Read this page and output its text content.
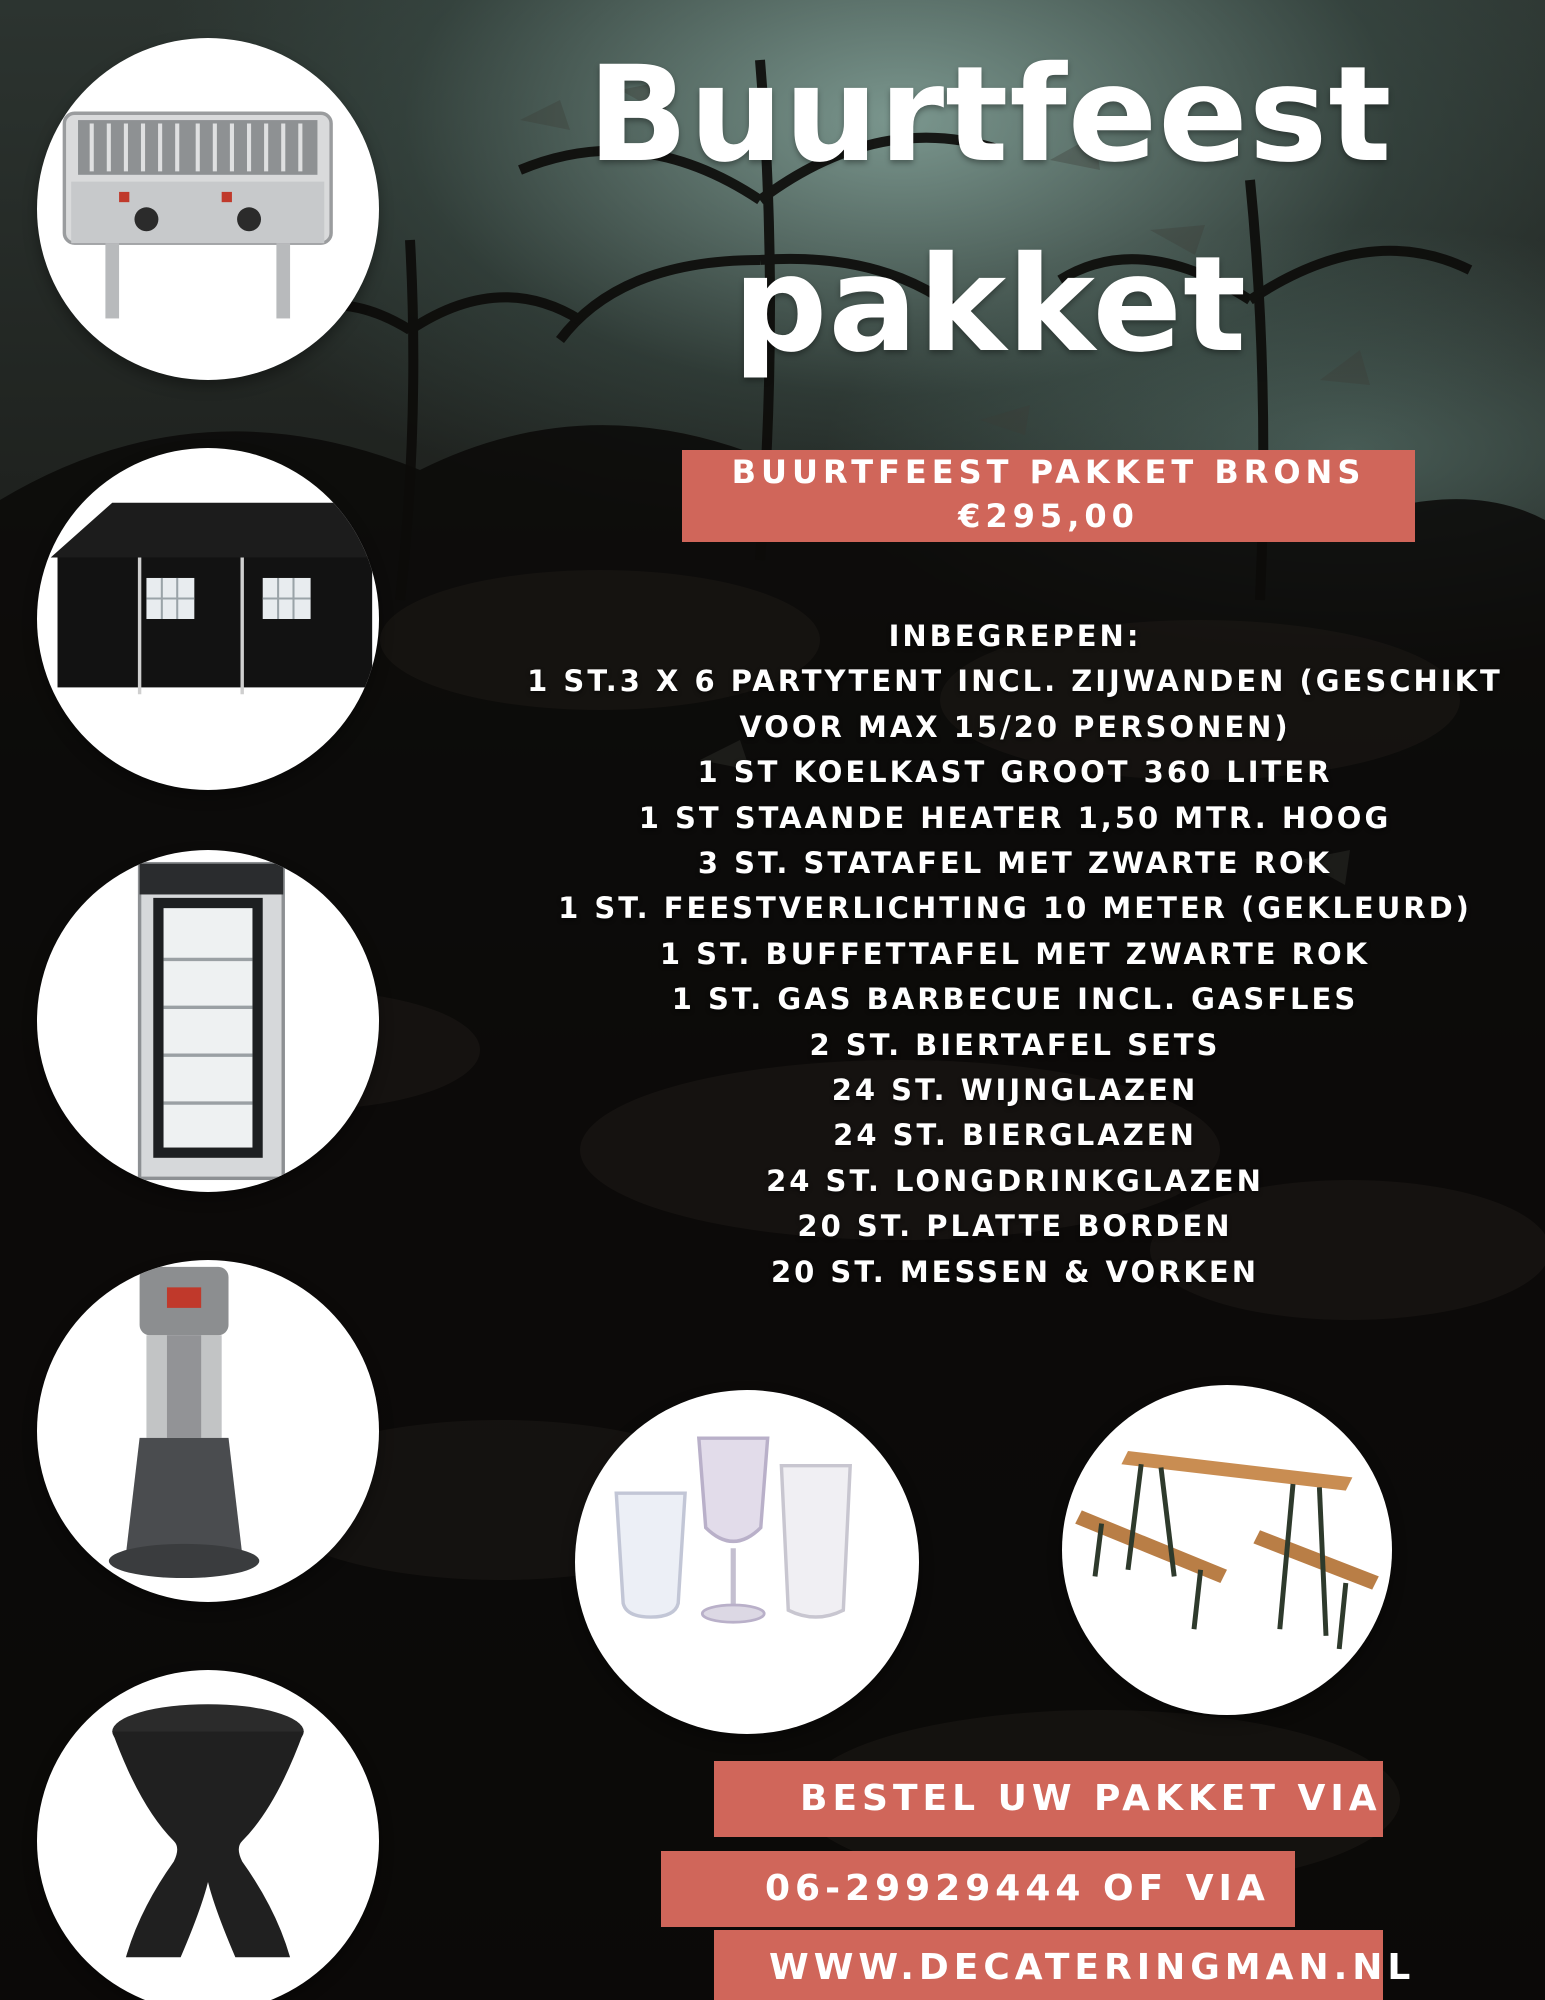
Buurtfeest
pakket
BUURTFEEST PAKKET BRONS
€295,00
INBEGREPEN:
1 ST.3 X 6 PARTYTENT INCL. ZIJWANDEN (GESCHIKT
VOOR MAX 15/20 PERSONEN)
1 ST KOELKAST GROOT 360 LITER
1 ST STAANDE HEATER 1,50 MTR. HOOG
3 ST. STATAFEL MET ZWARTE ROK
1 ST. FEESTVERLICHTING 10 METER (GEKLEURD)
1 ST. BUFFETTAFEL MET ZWARTE ROK
1 ST. GAS BARBECUE INCL. GASFLES
2 ST. BIERTAFEL SETS
24 ST. WIJNGLAZEN
24 ST. BIERGLAZEN
24 ST. LONGDRINKGLAZEN
20 ST. PLATTE BORDEN
20 ST. MESSEN & VORKEN
BESTEL UW PAKKET VIA
06-29929444 OF VIA
WWW.DECATERINGMAN.NL
